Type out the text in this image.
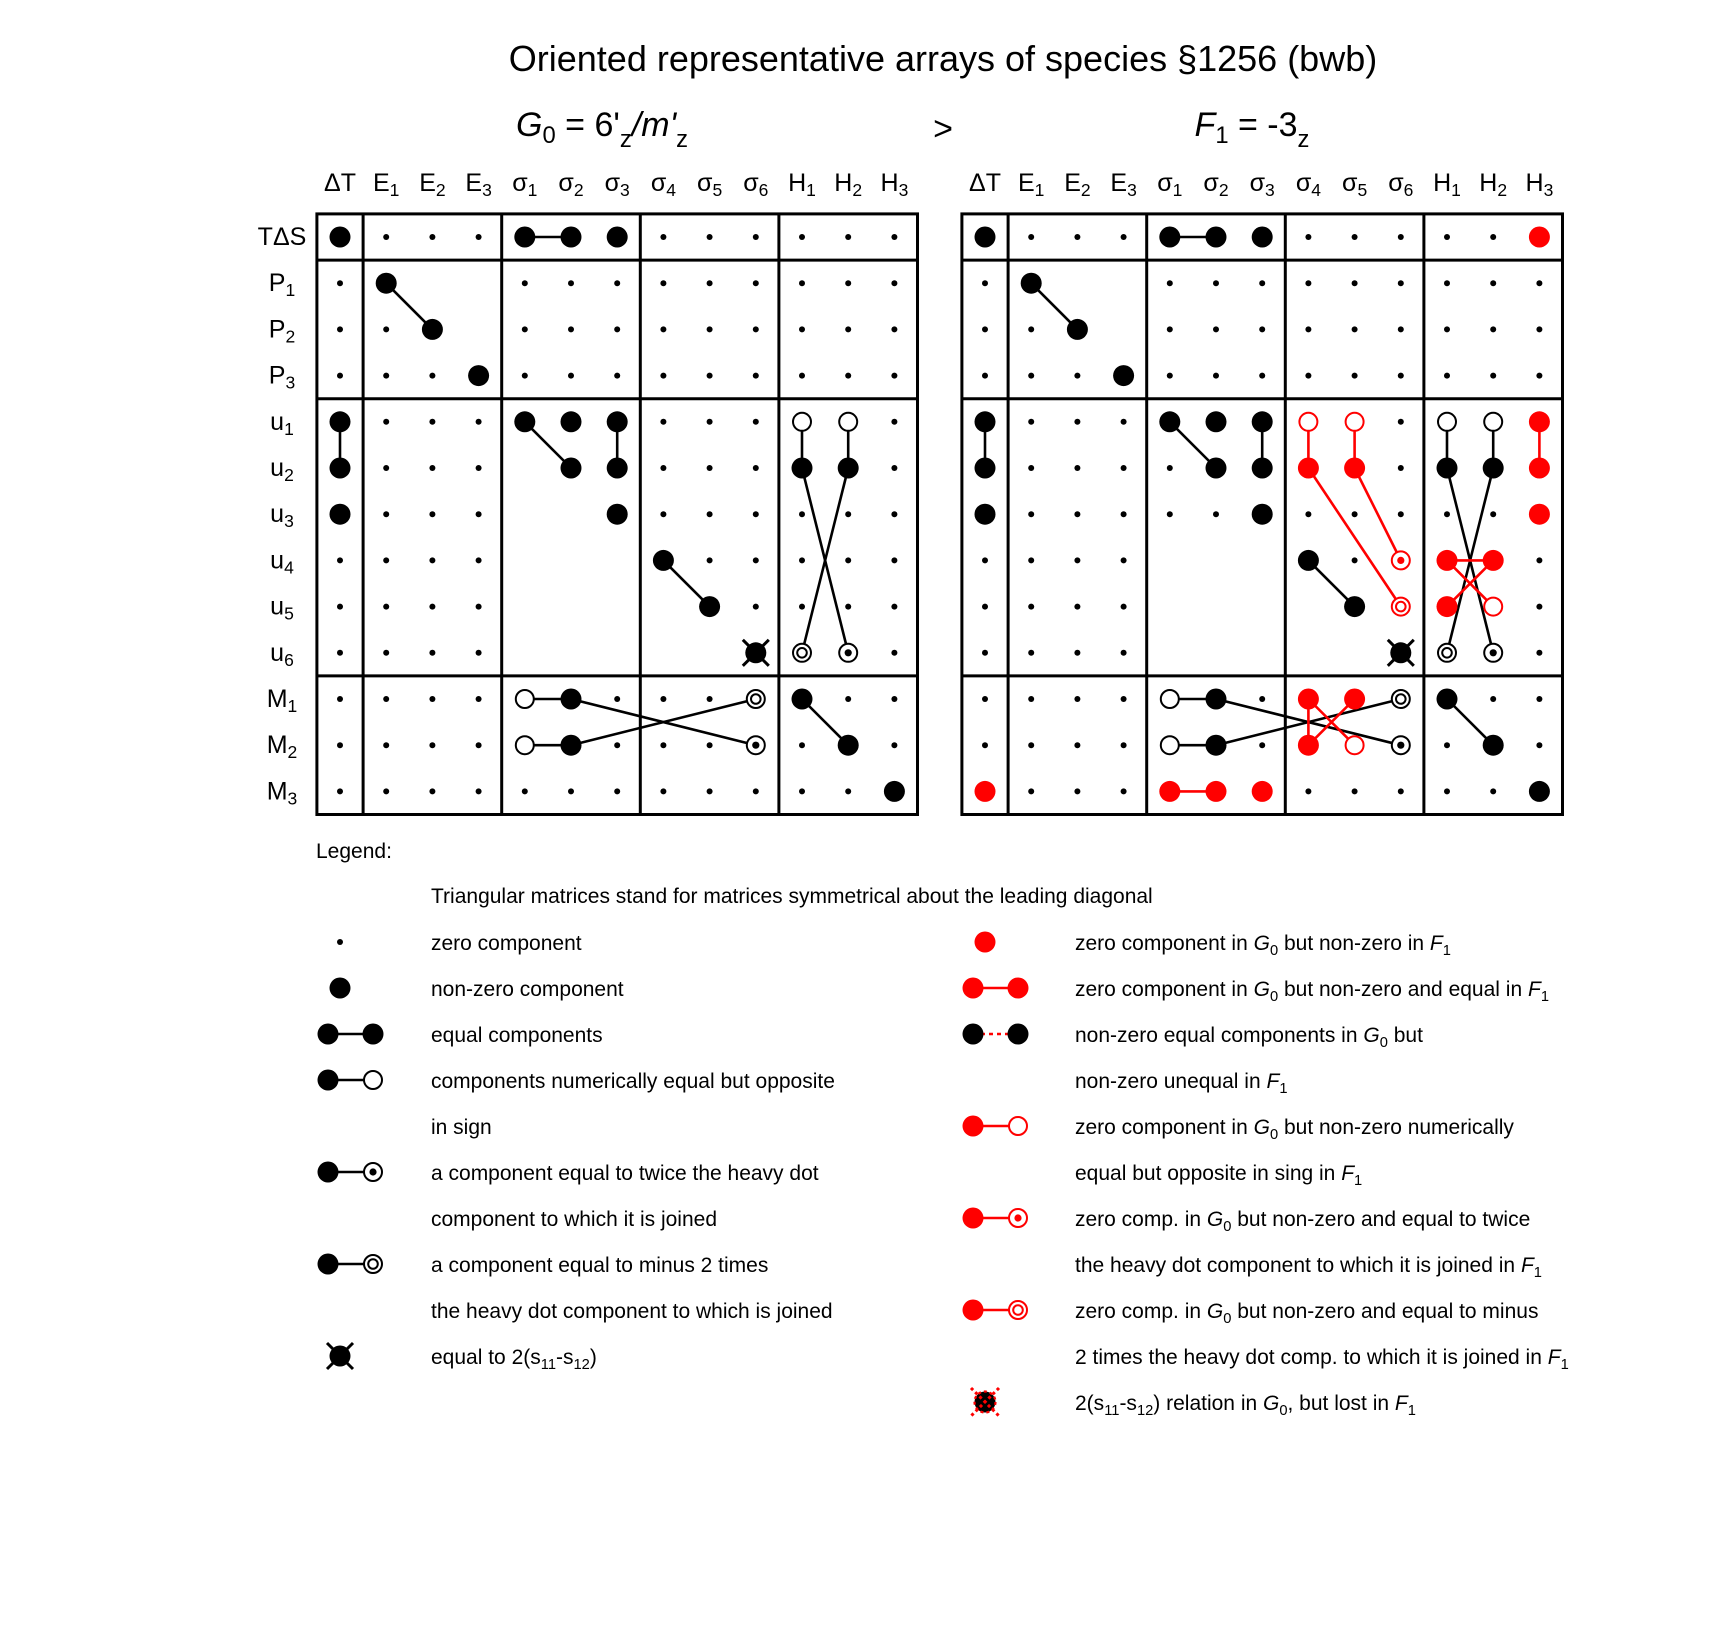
Oriented representative arrays of species §1256 (bwb)
>
G0 = 6'z/m'z	F1 = -3z
ΔT E1 E2 E3 σ1 σ2 σ3 σ4 σ5 σ6 H1 H2 H3 ΔT E1 E2 E3 σ1 σ2 σ3 σ4 σ5 σ6 H1 H2 H3
TΔS
P1
P2
P3
u1
u2
u3
u4
u5
u6
M1
M2
M3
Legend:
Triangular matrices stand for matrices symmetrical about the leading diagonal
zero component
non-zero component
equal components
components numerically equal but opposite
in sign
a component equal to twice the heavy dot
component to which it is joined
a component equal to minus 2 times
the heavy dot component to which is joined
equal to 2(s11-s12)
zero component in G0 but non-zero in F1
zero component in G0 but non-zero and equal in F1
non-zero equal components in G0 but
non-zero unequal in F1
zero component in G0 but non-zero numerically
equal but opposite in sing in F1
zero comp. in G0 but non-zero and equal to twice
the heavy dot component to which it is joined in F1
zero comp. in G0 but non-zero and equal to minus
2 times the heavy dot comp. to which it is joined in F1
2(s11-s12) relation in G0, but lost in F1
